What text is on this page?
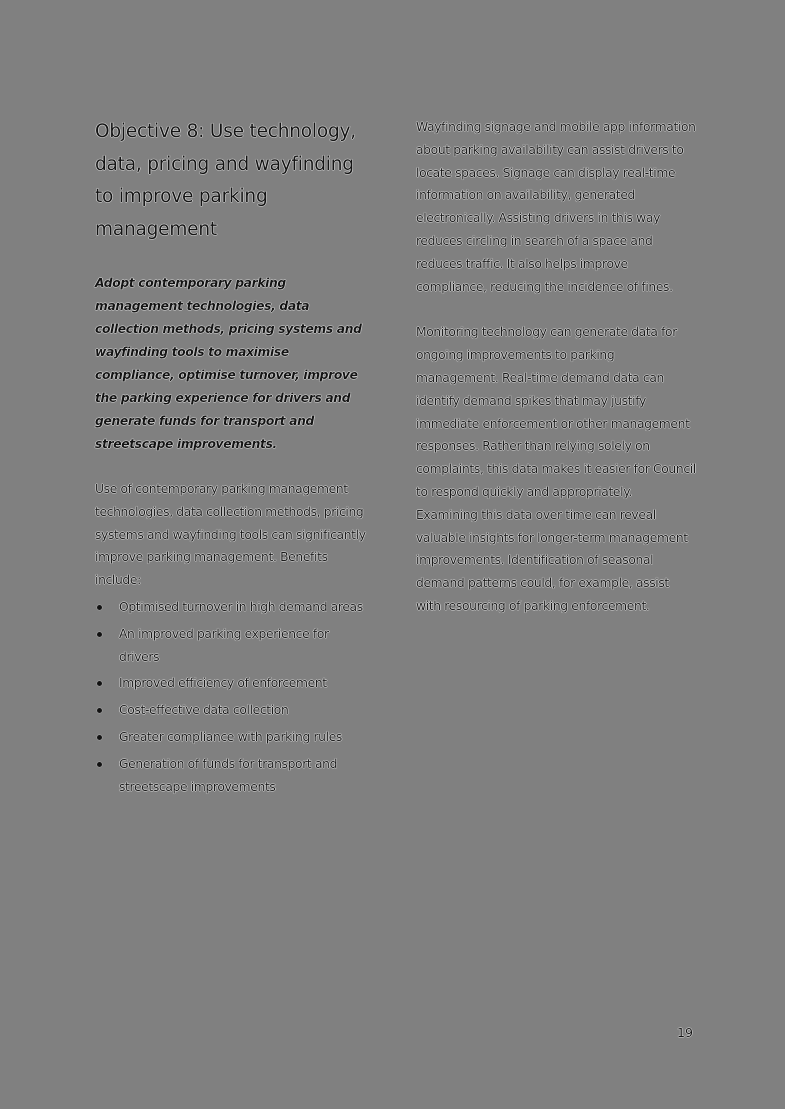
Objective 8: Use technology, data, pricing and wayfinding to improve parking management

Adopt contemporary parking management technologies, data collection methods, pricing systems and wayfinding tools to maximise compliance, optimise turnover, improve the parking experience for drivers and generate funds for transport and streetscape improvements.

Use of contemporary parking management technologies, data collection methods, pricing systems and wayfinding tools can significantly improve parking management. Benefits include:

Optimised turnover in high demand areas
An improved parking experience for drivers
Improved efficiency of enforcement
Cost-effective data collection
Greater compliance with parking rules
Generation of funds for transport and streetscape improvements

Wayfinding signage and mobile app information about parking availability can assist drivers to locate spaces. Signage can display real-time information on availability, generated electronically. Assisting drivers in this way reduces circling in search of a space and reduces traffic. It also helps improve compliance, reducing the incidence of fines.

Monitoring technology can generate data for ongoing improvements to parking management. Real-time demand data can identify demand spikes that may justify immediate enforcement or other management responses. Rather than relying solely on complaints, this data makes it easier for Council to respond quickly and appropriately. Examining this data over time can reveal valuable insights for longer-term management improvements. Identification of seasonal demand patterns could, for example, assist with resourcing of parking enforcement.

19
